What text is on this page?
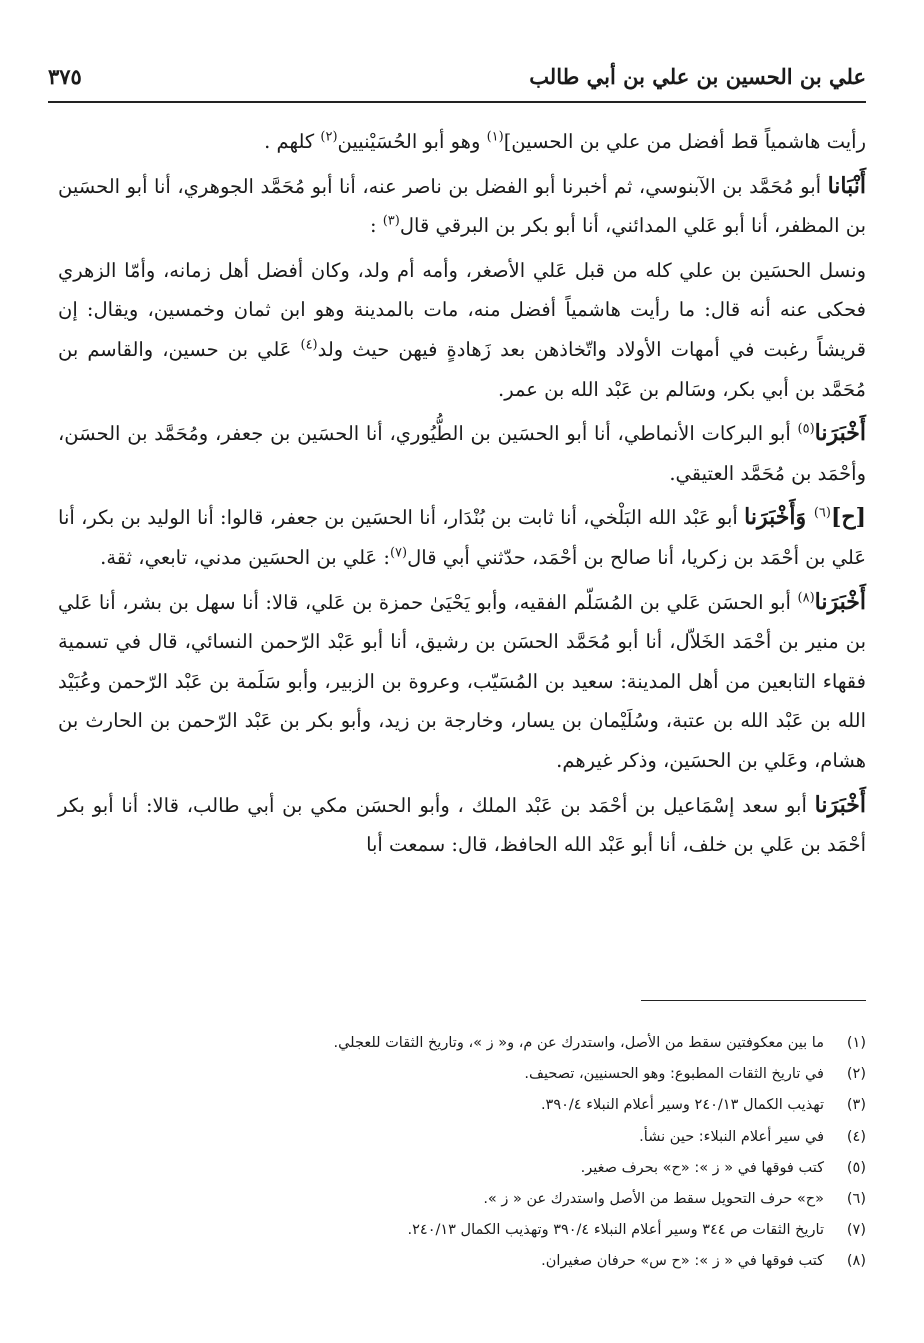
علي بن الحسين بن علي بن أبي طالب
٣٧٥

رأيت هاشمياً قط أفضل من علي بن الحسين]$^{(١)}$ وهو أبو الحُسَيْنيين$^{(٢)}$ كلهم .

أَنْبَانا أبو مُحَمَّد بن الآبنوسي، ثم أخبرنا أبو الفضل بن ناصر عنه، أنا أبو مُحَمَّد الجوهري، أنا أبو الحسَين بن المظفر، أنا أبو عَلي المدائني، أنا أبو بكر بن البرقي قال$^{(٣)}$ :

ونسل الحسَين بن علي كله من قبل عَلي الأصغر، وأمه أم ولد، وكان أفضل أهل زمانه، وأمّا الزهري فحكى عنه أنه قال: ما رأيت هاشمياً أفضل منه، مات بالمدينة وهو ابن ثمان وخمسين، ويقال: إن قريشاً رغبت في أمهات الأولاد واتّخاذهن بعد زَهادةٍ فيهن حيث ولد$^{(٤)}$ عَلي بن حسين، والقاسم بن مُحَمَّد بن أبي بكر، وسَالم بن عَبْد الله بن عمر.

أَخْبَرَنا$^{(٥)}$ أبو البركات الأنماطي، أنا أبو الحسَين بن الطُّيُوري، أنا الحسَين بن جعفر، ومُحَمَّد بن الحسَن، وأحْمَد بن مُحَمَّد العتيقي.

[ح]$^{(٦)}$ وَأَخْبَرَنا أبو عَبْد الله البَلْخي، أنا ثابت بن بُنْدَار، أنا الحسَين بن جعفر، قالوا: أنا الوليد بن بكر، أنا عَلي بن أحْمَد بن زكريا، أنا صالح بن أحْمَد، حدّثني أبي قال$^{(٧)}$: عَلي بن الحسَين مدني، تابعي، ثقة.

أَخْبَرَنا$^{(٨)}$ أبو الحسَن عَلي بن المُسَلّم الفقيه، وأبو يَحْيَىٰ حمزة بن عَلي، قالا: أنا سهل بن بشر، أنا عَلي بن منير بن أحْمَد الخَلاّل، أنا أبو مُحَمَّد الحسَن بن رشيق، أنا أبو عَبْد الرّحمن النسائي، قال في تسمية فقهاء التابعين من أهل المدينة: سعيد بن المُسَيّب، وعروة بن الزبير، وأبو سَلَمة بن عَبْد الرّحمن وعُبَيْد الله بن عَبْد الله بن عتبة، وسُلَيْمان بن يسار، وخارجة بن زيد، وأبو بكر بن عَبْد الرّحمن بن الحارث بن هشام، وعَلي بن الحسَين، وذكر غيرهم.

أَخْبَرَنا أبو سعد إسْمَاعيل بن أحْمَد بن عَبْد الملك ، وأبو الحسَن مكي بن أبي طالب، قالا: أنا أبو بكر أحْمَد بن عَلي بن خلف، أنا أبو عَبْد الله الحافظ، قال: سمعت أبا

(١)
ما بين معكوفتين سقط من الأصل، واستدرك عن م، و« ز »، وتاريخ الثقات للعجلي.
(٢)
في تاريخ الثقات المطبوع: وهو الحسنيين، تصحيف.
(٣)
تهذيب الكمال ٢٤٠/١٣ وسير أعلام النبلاء ٣٩٠/٤.
(٤)
في سير أعلام النبلاء: حين نشأ.
(٥)
كتب فوقها في « ز »: «ح» بحرف صغير.
(٦)
«ح» حرف التحويل سقط من الأصل واستدرك عن « ز ».
(٧)
تاريخ الثقات ص ٣٤٤ وسير أعلام النبلاء ٣٩٠/٤ وتهذيب الكمال ٢٤٠/١٣.
(٨)
كتب فوقها في « ز »: «ح س» حرفان صغيران.
